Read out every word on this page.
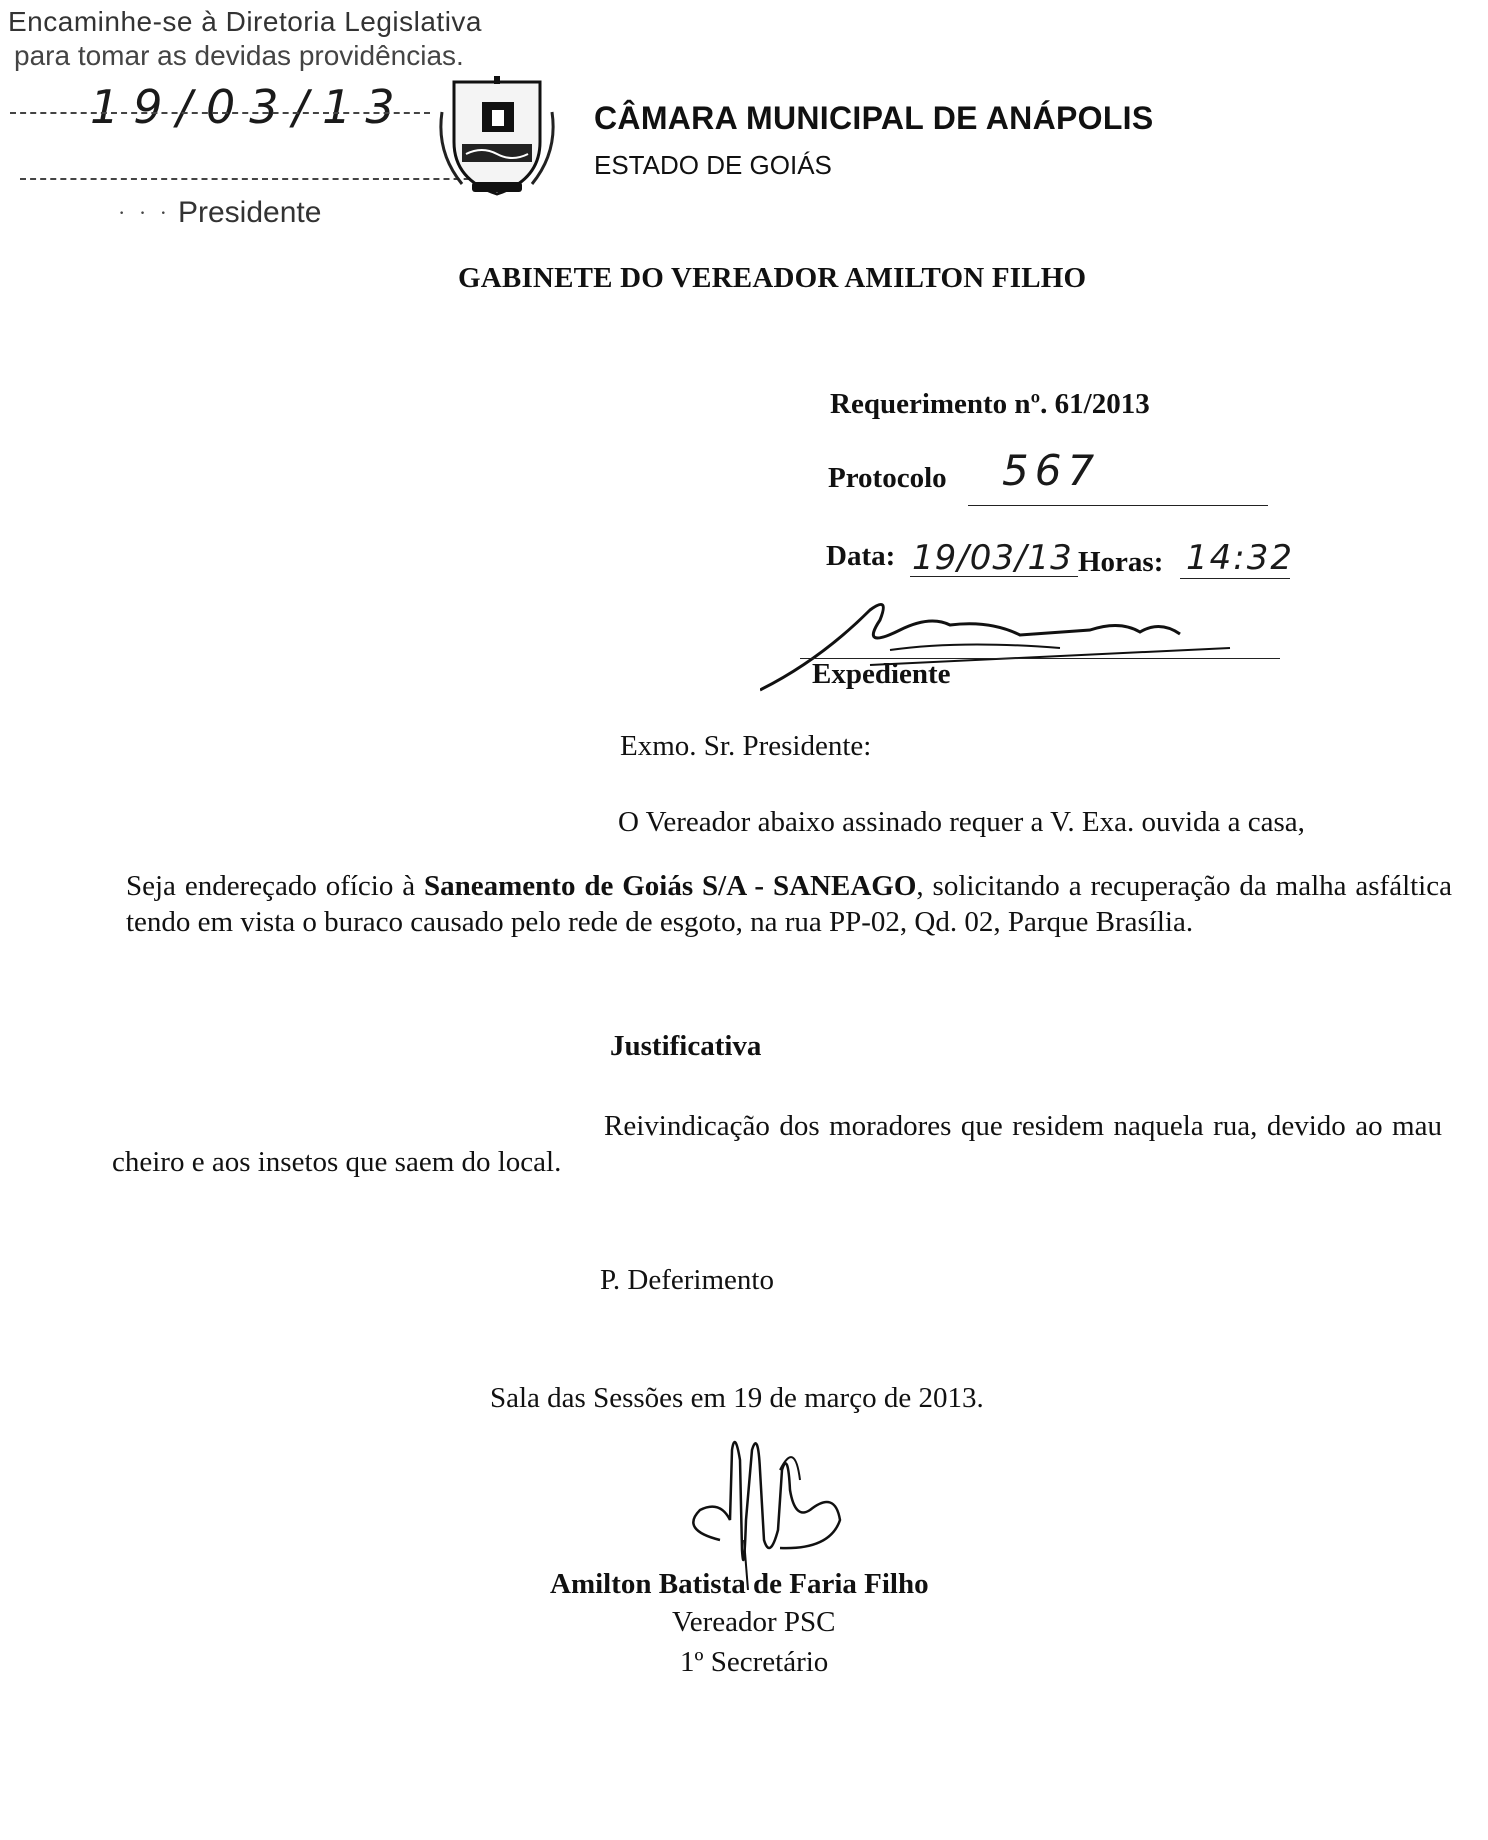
Encaminhe-se à Diretoria Legislativa
para tomar as devidas providências.
19/03/13
· · · Presidente
CÂMARA MUNICIPAL DE ANÁPOLIS
ESTADO DE GOIÁS
GABINETE DO VEREADOR AMILTON FILHO
Requerimento nº. 61/2013
Protocolo 567
Data: 19/03/13 Horas: 14:32
Expediente
Exmo. Sr. Presidente:
O Vereador abaixo assinado requer a V. Exa. ouvida a casa,
Seja endereçado ofício à Saneamento de Goiás S/A - SANEAGO, solicitando a recuperação da malha asfáltica tendo em vista o buraco causado pelo rede de esgoto, na rua PP-02, Qd. 02, Parque Brasília.
Justificativa
Reivindicação dos moradores que residem naquela rua, devido ao mau cheiro e aos insetos que saem do local.
P. Deferimento
Sala das Sessões em 19 de março de 2013.
Amilton Batista de Faria Filho
Vereador PSC
1º Secretário
